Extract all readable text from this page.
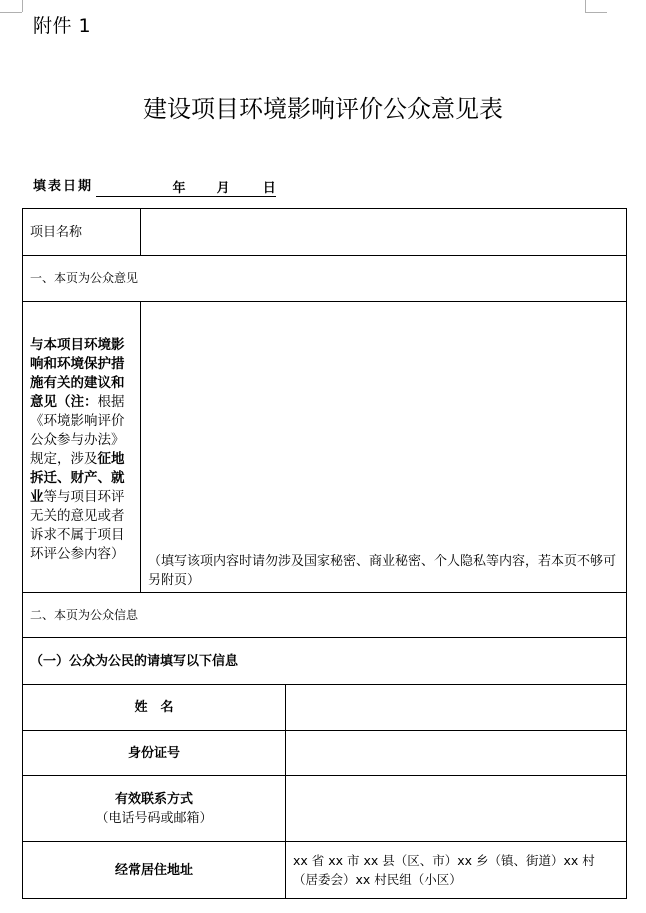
附件 1
建设项目环境影响评价公众意见表
填表日期	年 月	日
项目名称		
一、本页为公众意见		
与本项目环境影响和环境保护措施有关的建议和意见（注：根据《环境影响评价公众参与办法》规定，涉及征地拆迁、财产、就业等与项目环评无关的意见或者诉求不属于项目环评公参内容）	（填写该项内容时请勿涉及国家秘密、商业秘密、个人隐私等内容，若本页不够可另附页）	
二、本页为公众信息		
（一）公众为公民的请填写以下信息		
姓　名		
身份证号		

有效联系方式
（电话号码或邮箱）		

经常居住地址		xx 省 xx 市 xx 县（区、市）xx 乡（镇、街道）xx 村（居委会）xx 村民组（小区）
